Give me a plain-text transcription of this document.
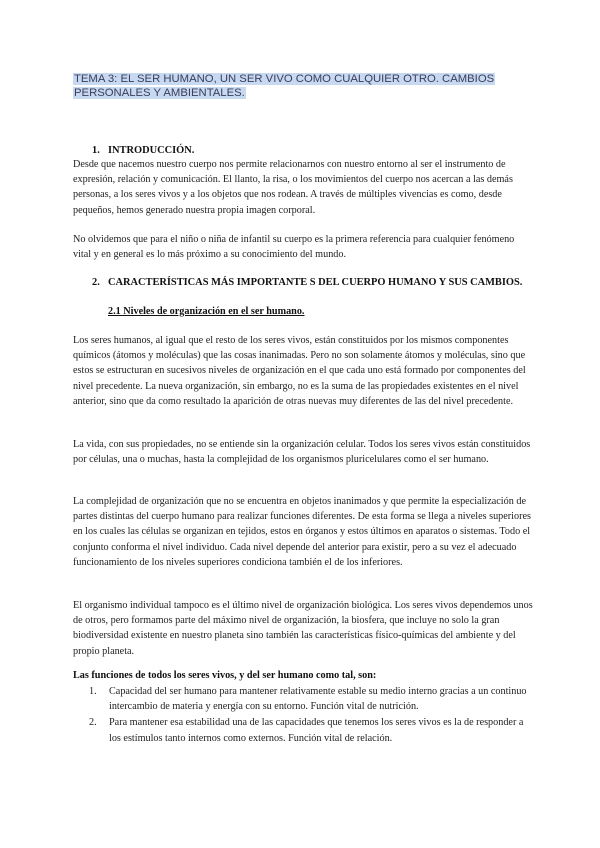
TEMA 3: EL SER HUMANO, UN SER VIVO COMO CUALQUIER OTRO. CAMBIOS PERSONALES Y AMBIENTALES.
1. INTRODUCCIÓN.

Desde que nacemos nuestro cuerpo nos permite relacionarnos con nuestro entorno al ser el instrumento de expresión, relación y comunicación. El llanto, la risa, o los movimientos del cuerpo nos acercan a las demás personas, a los seres vivos y a los objetos que nos rodean. A través de múltiples vivencias es como, desde pequeños, hemos generado nuestra propia imagen corporal.

No olvidemos que para el niño o niña de infantil su cuerpo es la primera referencia para cualquier fenómeno vital y en general es lo más próximo a su conocimiento del mundo.

2. CARACTERÍSTICAS MÁS IMPORTANTE S DEL CUERPO HUMANO Y SUS CAMBIOS.
2.1 Niveles de organización en el ser humano.

Los seres humanos, al igual que el resto de los seres vivos, están constituidos por los mismos componentes químicos (átomos y moléculas) que las cosas inanimadas. Pero no son solamente átomos y moléculas, sino que estos se estructuran en sucesivos niveles de organización en el que cada uno está formado por componentes del nivel precedente. La nueva organización, sin embargo, no es la suma de las propiedades existentes en el nivel anterior, sino que da como resultado la aparición de otras nuevas muy diferentes de las del nivel precedente.

La vida, con sus propiedades, no se entiende sin la organización celular. Todos los seres vivos están constituidos por células, una o muchas, hasta la complejidad de los organismos pluricelulares como el ser humano.

La complejidad de organización que no se encuentra en objetos inanimados y que permite la especialización de partes distintas del cuerpo humano para realizar funciones diferentes. De esta forma se llega a niveles superiores en los cuales las células se organizan en tejidos, estos en órganos y estos últimos en aparatos o sistemas. Todo el conjunto conforma el nivel individuo. Cada nivel depende del anterior para existir, pero a su vez el adecuado funcionamiento de los niveles superiores condiciona también el de los inferiores.

El organismo individual tampoco es el último nivel de organización biológica. Los seres vivos dependemos unos de otros, pero formamos parte del máximo nivel de organización, la biosfera, que incluye no solo la gran biodiversidad existente en nuestro planeta sino también las características físico-químicas del ambiente y del propio planeta.

Las funciones de todos los seres vivos, y del ser humano como tal, son:
1. Capacidad del ser humano para mantener relativamente estable su medio interno gracias a un continuo intercambio de materia y energía con su entorno. Función vital de nutrición.
2. Para mantener esa estabilidad una de las capacidades que tenemos los seres vivos es la de responder a los estímulos tanto internos como externos. Función vital de relación.
